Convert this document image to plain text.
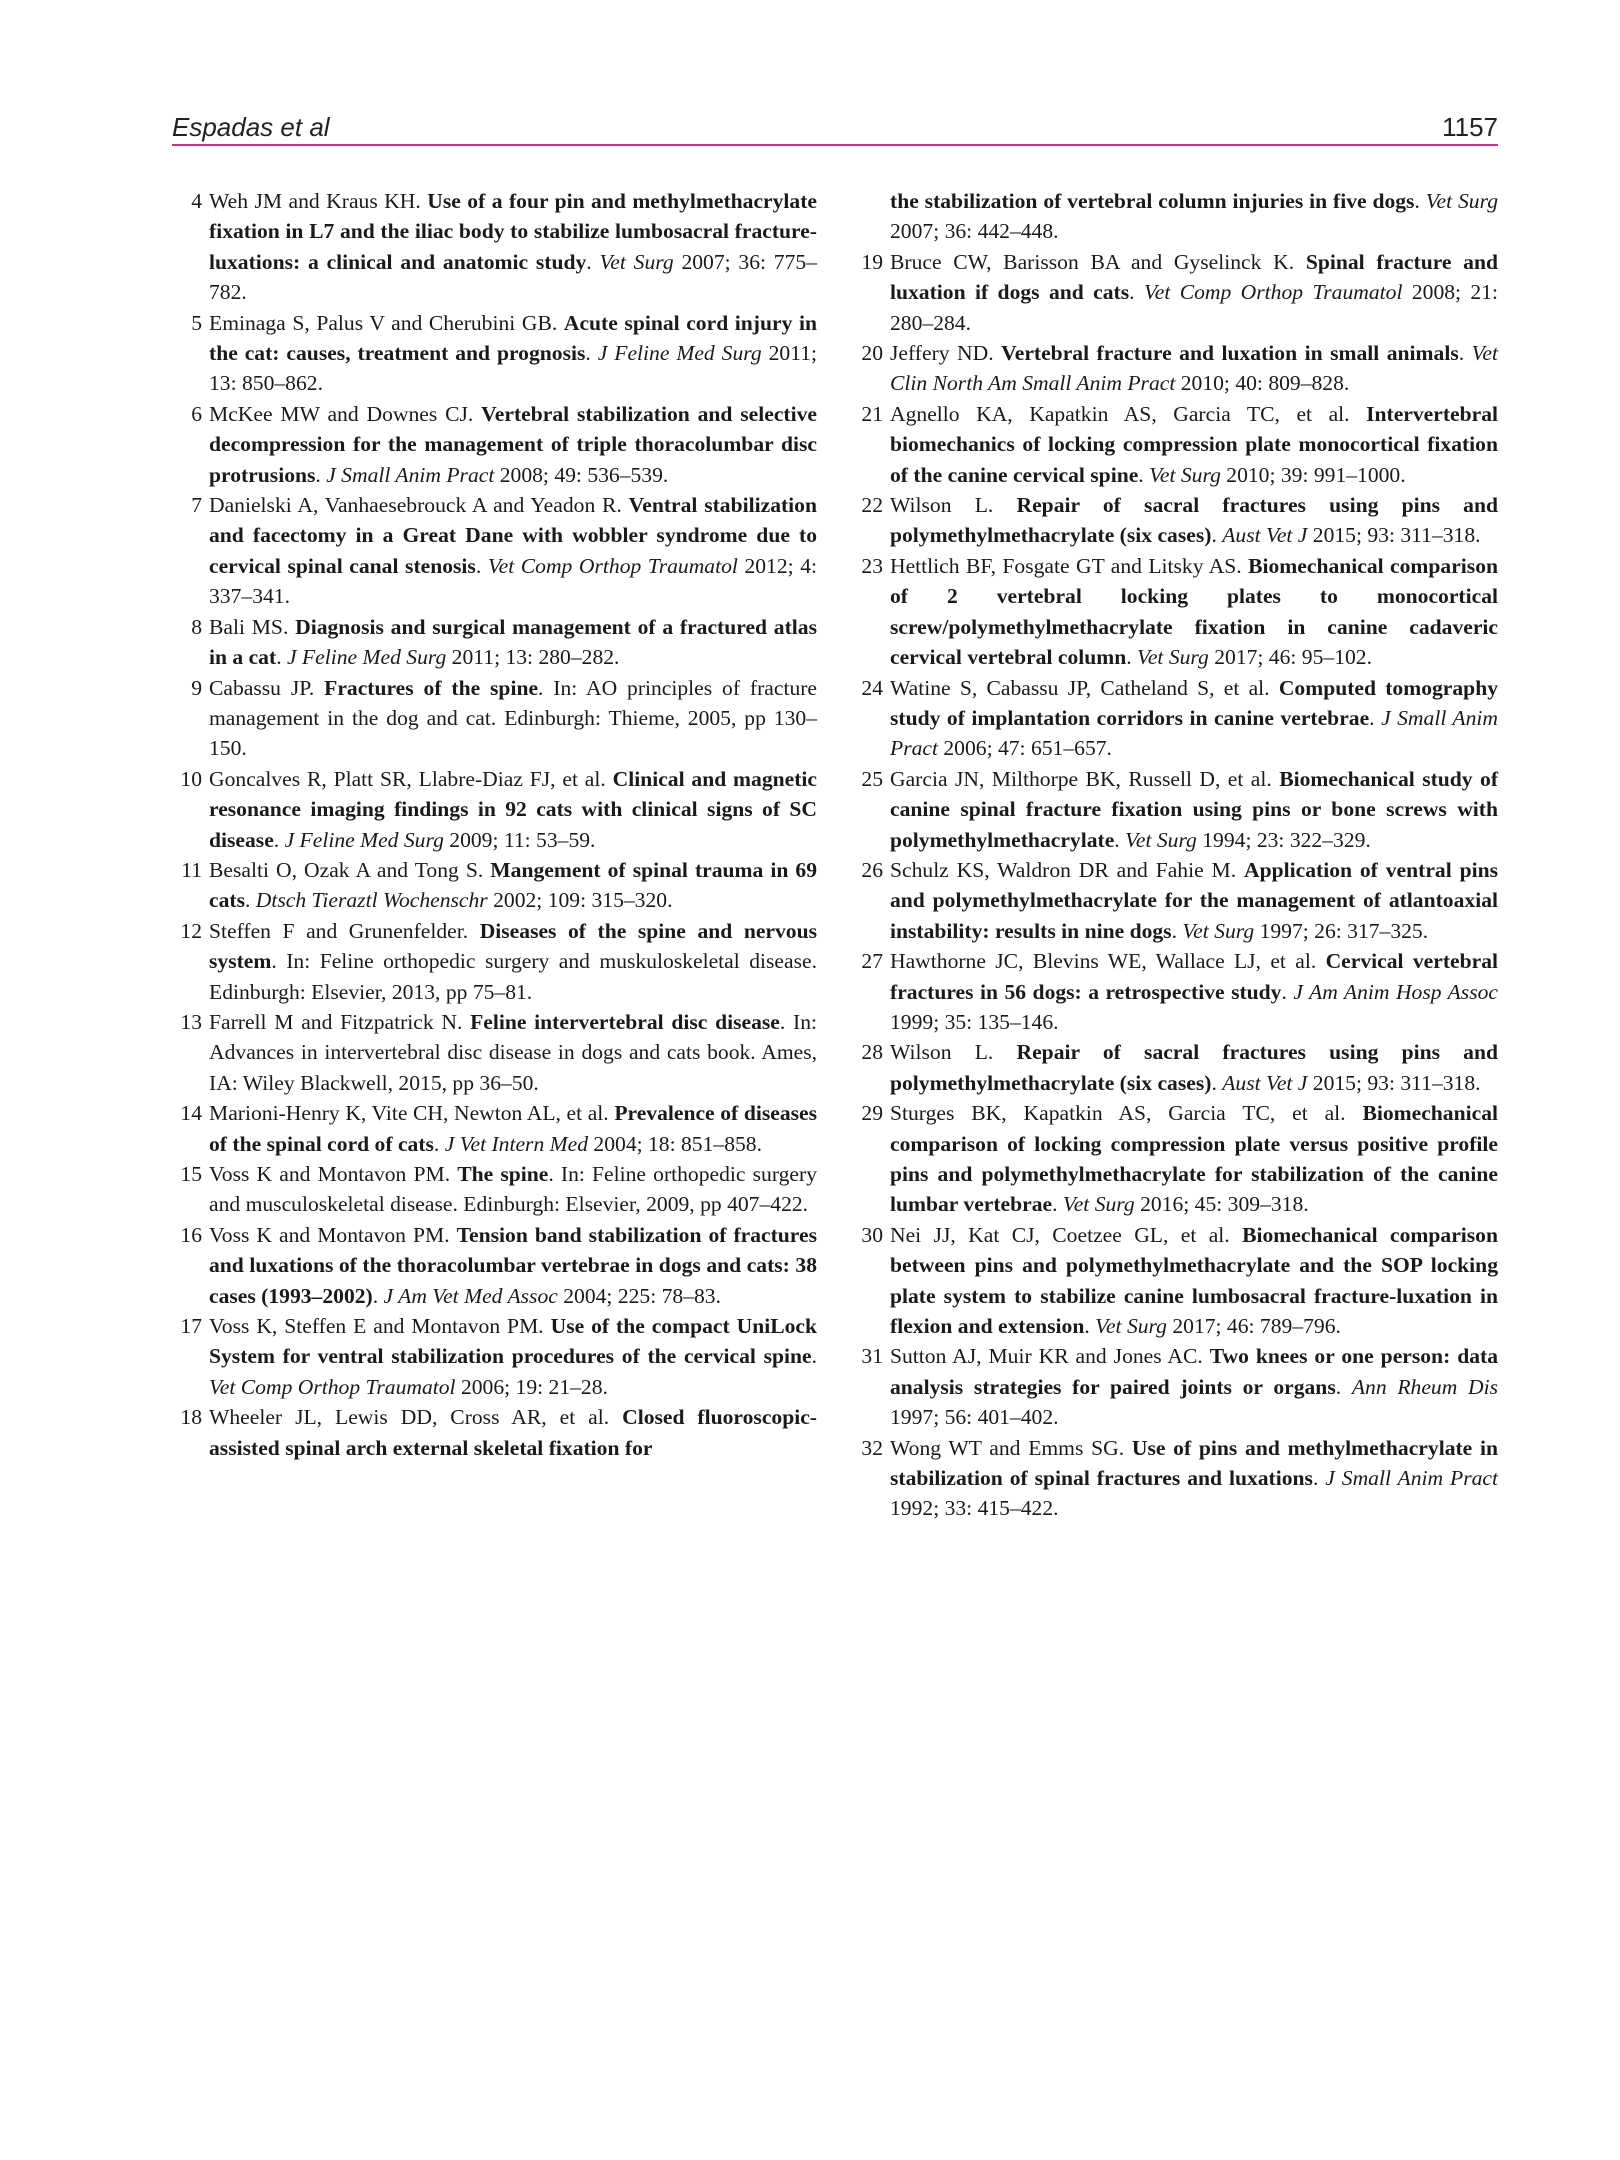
Espadas et al	1157
4 Weh JM and Kraus KH. Use of a four pin and methylmethacrylate fixation in L7 and the iliac body to stabilize lumbosacral fracture-luxations: a clinical and anatomic study. Vet Surg 2007; 36: 775–782.
5 Eminaga S, Palus V and Cherubini GB. Acute spinal cord injury in the cat: causes, treatment and prognosis. J Feline Med Surg 2011; 13: 850–862.
6 McKee MW and Downes CJ. Vertebral stabilization and selective decompression for the management of triple thoracolumbar disc protrusions. J Small Anim Pract 2008; 49: 536–539.
7 Danielski A, Vanhaesebrouck A and Yeadon R. Ventral stabilization and facectomy in a Great Dane with wobbler syndrome due to cervical spinal canal stenosis. Vet Comp Orthop Traumatol 2012; 4: 337–341.
8 Bali MS. Diagnosis and surgical management of a fractured atlas in a cat. J Feline Med Surg 2011; 13: 280–282.
9 Cabassu JP. Fractures of the spine. In: AO principles of fracture management in the dog and cat. Edinburgh: Thieme, 2005, pp 130–150.
10 Goncalves R, Platt SR, Llabre-Diaz FJ, et al. Clinical and magnetic resonance imaging findings in 92 cats with clinical signs of SC disease. J Feline Med Surg 2009; 11: 53–59.
11 Besalti O, Ozak A and Tong S. Mangement of spinal trauma in 69 cats. Dtsch Tieraztl Wochenschr 2002; 109: 315–320.
12 Steffen F and Grunenfelder. Diseases of the spine and nervous system. In: Feline orthopedic surgery and muskuloskeletal disease. Edinburgh: Elsevier, 2013, pp 75–81.
13 Farrell M and Fitzpatrick N. Feline intervertebral disc disease. In: Advances in intervertebral disc disease in dogs and cats book. Ames, IA: Wiley Blackwell, 2015, pp 36–50.
14 Marioni-Henry K, Vite CH, Newton AL, et al. Prevalence of diseases of the spinal cord of cats. J Vet Intern Med 2004; 18: 851–858.
15 Voss K and Montavon PM. The spine. In: Feline orthopedic surgery and musculoskeletal disease. Edinburgh: Elsevier, 2009, pp 407–422.
16 Voss K and Montavon PM. Tension band stabilization of fractures and luxations of the thoracolumbar vertebrae in dogs and cats: 38 cases (1993–2002). J Am Vet Med Assoc 2004; 225: 78–83.
17 Voss K, Steffen E and Montavon PM. Use of the compact UniLock System for ventral stabilization procedures of the cervical spine. Vet Comp Orthop Traumatol 2006; 19: 21–28.
18 Wheeler JL, Lewis DD, Cross AR, et al. Closed fluoroscopic-assisted spinal arch external skeletal fixation for
the stabilization of vertebral column injuries in five dogs. Vet Surg 2007; 36: 442–448.
19 Bruce CW, Barisson BA and Gyselinck K. Spinal fracture and luxation if dogs and cats. Vet Comp Orthop Traumatol 2008; 21: 280–284.
20 Jeffery ND. Vertebral fracture and luxation in small animals. Vet Clin North Am Small Anim Pract 2010; 40: 809–828.
21 Agnello KA, Kapatkin AS, Garcia TC, et al. Intervertebral biomechanics of locking compression plate monocortical fixation of the canine cervical spine. Vet Surg 2010; 39: 991–1000.
22 Wilson L. Repair of sacral fractures using pins and polymethylmethacrylate (six cases). Aust Vet J 2015; 93: 311–318.
23 Hettlich BF, Fosgate GT and Litsky AS. Biomechanical comparison of 2 vertebral locking plates to monocortical screw/polymethylmethacrylate fixation in canine cadaveric cervical vertebral column. Vet Surg 2017; 46: 95–102.
24 Watine S, Cabassu JP, Catheland S, et al. Computed tomography study of implantation corridors in canine vertebrae. J Small Anim Pract 2006; 47: 651–657.
25 Garcia JN, Milthorpe BK, Russell D, et al. Biomechanical study of canine spinal fracture fixation using pins or bone screws with polymethylmethacrylate. Vet Surg 1994; 23: 322–329.
26 Schulz KS, Waldron DR and Fahie M. Application of ventral pins and polymethylmethacrylate for the management of atlantoaxial instability: results in nine dogs. Vet Surg 1997; 26: 317–325.
27 Hawthorne JC, Blevins WE, Wallace LJ, et al. Cervical vertebral fractures in 56 dogs: a retrospective study. J Am Anim Hosp Assoc 1999; 35: 135–146.
28 Wilson L. Repair of sacral fractures using pins and polymethylmethacrylate (six cases). Aust Vet J 2015; 93: 311–318.
29 Sturges BK, Kapatkin AS, Garcia TC, et al. Biomechanical comparison of locking compression plate versus positive profile pins and polymethylmethacrylate for stabilization of the canine lumbar vertebrae. Vet Surg 2016; 45: 309–318.
30 Nei JJ, Kat CJ, Coetzee GL, et al. Biomechanical comparison between pins and polymethylmethacrylate and the SOP locking plate system to stabilize canine lumbosacral fracture-luxation in flexion and extension. Vet Surg 2017; 46: 789–796.
31 Sutton AJ, Muir KR and Jones AC. Two knees or one person: data analysis strategies for paired joints or organs. Ann Rheum Dis 1997; 56: 401–402.
32 Wong WT and Emms SG. Use of pins and methylmethacrylate in stabilization of spinal fractures and luxations. J Small Anim Pract 1992; 33: 415–422.
